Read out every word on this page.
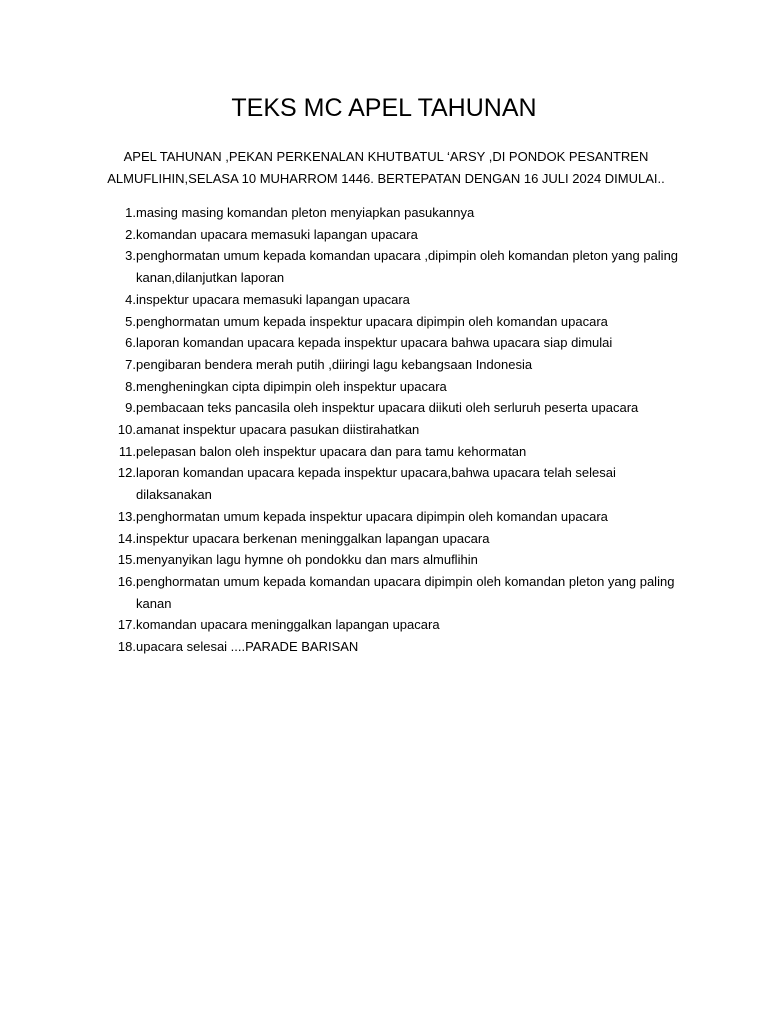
TEKS MC APEL TAHUNAN

APEL TAHUNAN ,PEKAN PERKENALAN KHUTBATUL ‘ARSY ,DI PONDOK PESANTREN
ALMUFLIHIN,SELASA 10 MUHARROM 1446. BERTEPATAN DENGAN 16 JULI 2024 DIMULAI..

1. masing masing komandan pleton menyiapkan pasukannya
2. komandan upacara memasuki lapangan upacara
3. penghormatan umum kepada komandan upacara ,dipimpin oleh komandan pleton yang paling kanan,dilanjutkan laporan
4. inspektur upacara memasuki lapangan upacara
5. penghormatan umum kepada inspektur upacara dipimpin oleh komandan upacara
6. laporan komandan upacara kepada inspektur upacara bahwa upacara siap dimulai
7. pengibaran bendera merah putih ,diiringi lagu kebangsaan Indonesia
8. mengheningkan cipta dipimpin oleh inspektur upacara
9. pembacaan teks pancasila oleh inspektur upacara diikuti oleh serluruh peserta upacara
10. amanat inspektur upacara pasukan diistirahatkan
11. pelepasan balon oleh inspektur upacara dan para tamu kehormatan
12. laporan komandan upacara kepada inspektur upacara,bahwa upacara telah selesai dilaksanakan
13. penghormatan umum kepada inspektur upacara dipimpin oleh komandan upacara
14. inspektur upacara berkenan meninggalkan lapangan upacara
15. menyanyikan lagu hymne oh pondokku dan mars almuflihin
16. penghormatan umum kepada komandan upacara dipimpin oleh komandan pleton yang paling kanan
17. komandan upacara meninggalkan lapangan upacara
18. upacara selesai ....PARADE BARISAN
